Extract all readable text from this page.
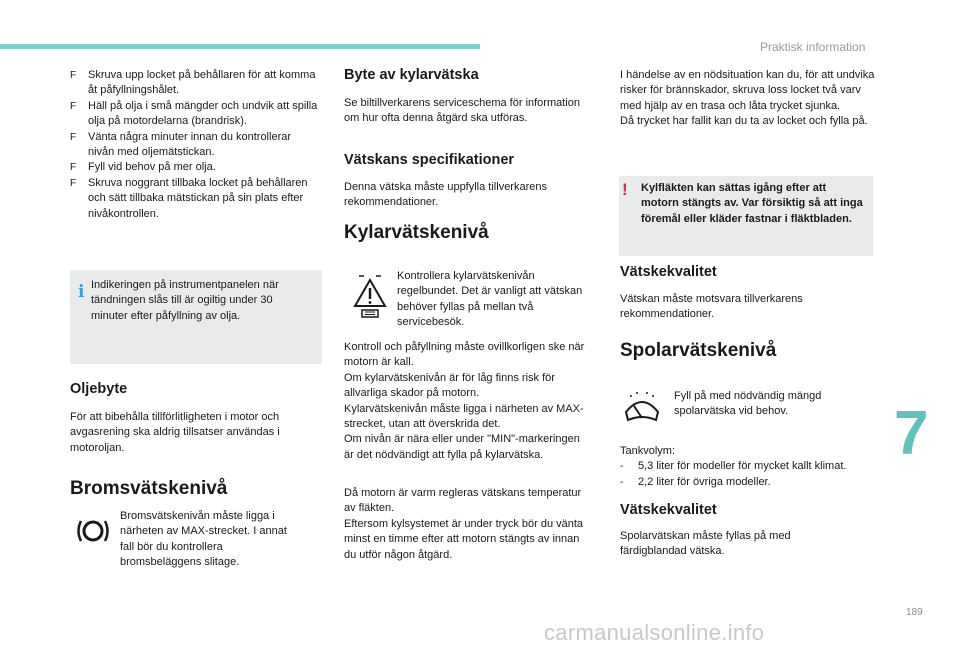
Praktisk information
7
189
carmanualsonline.info
F Skruva upp locket på behållaren för att komma åt påfyllningshålet.
F Häll på olja i små mängder och undvik att spilla olja på motordelarna (brandrisk).
F Vänta några minuter innan du kontrollerar nivån med oljemätstickan.
F Fyll vid behov på mer olja.
F Skruva noggrant tillbaka locket på behållaren och sätt tillbaka mätstickan på sin plats efter nivåkontrollen.
i Indikeringen på instrumentpanelen när tändningen slås till är ogiltig under 30 minuter efter påfyllning av olja.
Oljebyte
För att bibehålla tillförlitligheten i motor och avgasrening ska aldrig tillsatser användas i motoroljan.
Bromsvätskenivå
Bromsvätskenivån måste ligga i närheten av MAX-strecket. I annat fall bör du kontrollera bromsbeläggens slitage.
Byte av kylarvätska
Se biltillverkarens serviceschema för information om hur ofta denna åtgärd ska utföras.
Vätskans specifikationer
Denna vätska måste uppfylla tillverkarens rekommendationer.
Kylarvätskenivå
Kontrollera kylarvätskenivån regelbundet. Det är vanligt att vätskan behöver fyllas på mellan två servicebesök.

Kontroll och påfyllning måste ovillkorligen ske när motorn är kall.

Om kylarvätskenivån är för låg finns risk för allvarliga skador på motorn.

Kylarvätskenivån måste ligga i närheten av MAX-strecket, utan att överskrida det.

Om nivån är nära eller under "MIN"-markeringen är det nödvändigt att fylla på kylarvätska.

Då motorn är varm regleras vätskans temperatur av fläkten.

Eftersom kylsystemet är under tryck bör du vänta minst en timme efter att motorn stängts av innan du utför någon åtgärd.

I händelse av en nödsituation kan du, för att undvika risker för brännskador, skruva loss locket två varv med hjälp av en trasa och låta trycket sjunka.

Då trycket har fallit kan du ta av locket och fylla på.

! Kylfläkten kan sättas igång efter att motorn stängts av. Var försiktig så att inga föremål eller kläder fastnar i fläktbladen.
Vätskekvalitet
Vätskan måste motsvara tillverkarens rekommendationer.
Spolarvätskenivå
Fyll på med nödvändig mängd spolarvätska vid behov.

Tankvolym:

- 5,3 liter för modeller för mycket kallt klimat.
- 2,2 liter för övriga modeller.
Vätskekvalitet
Spolarvätskan måste fyllas på med färdigblandad vätska.
